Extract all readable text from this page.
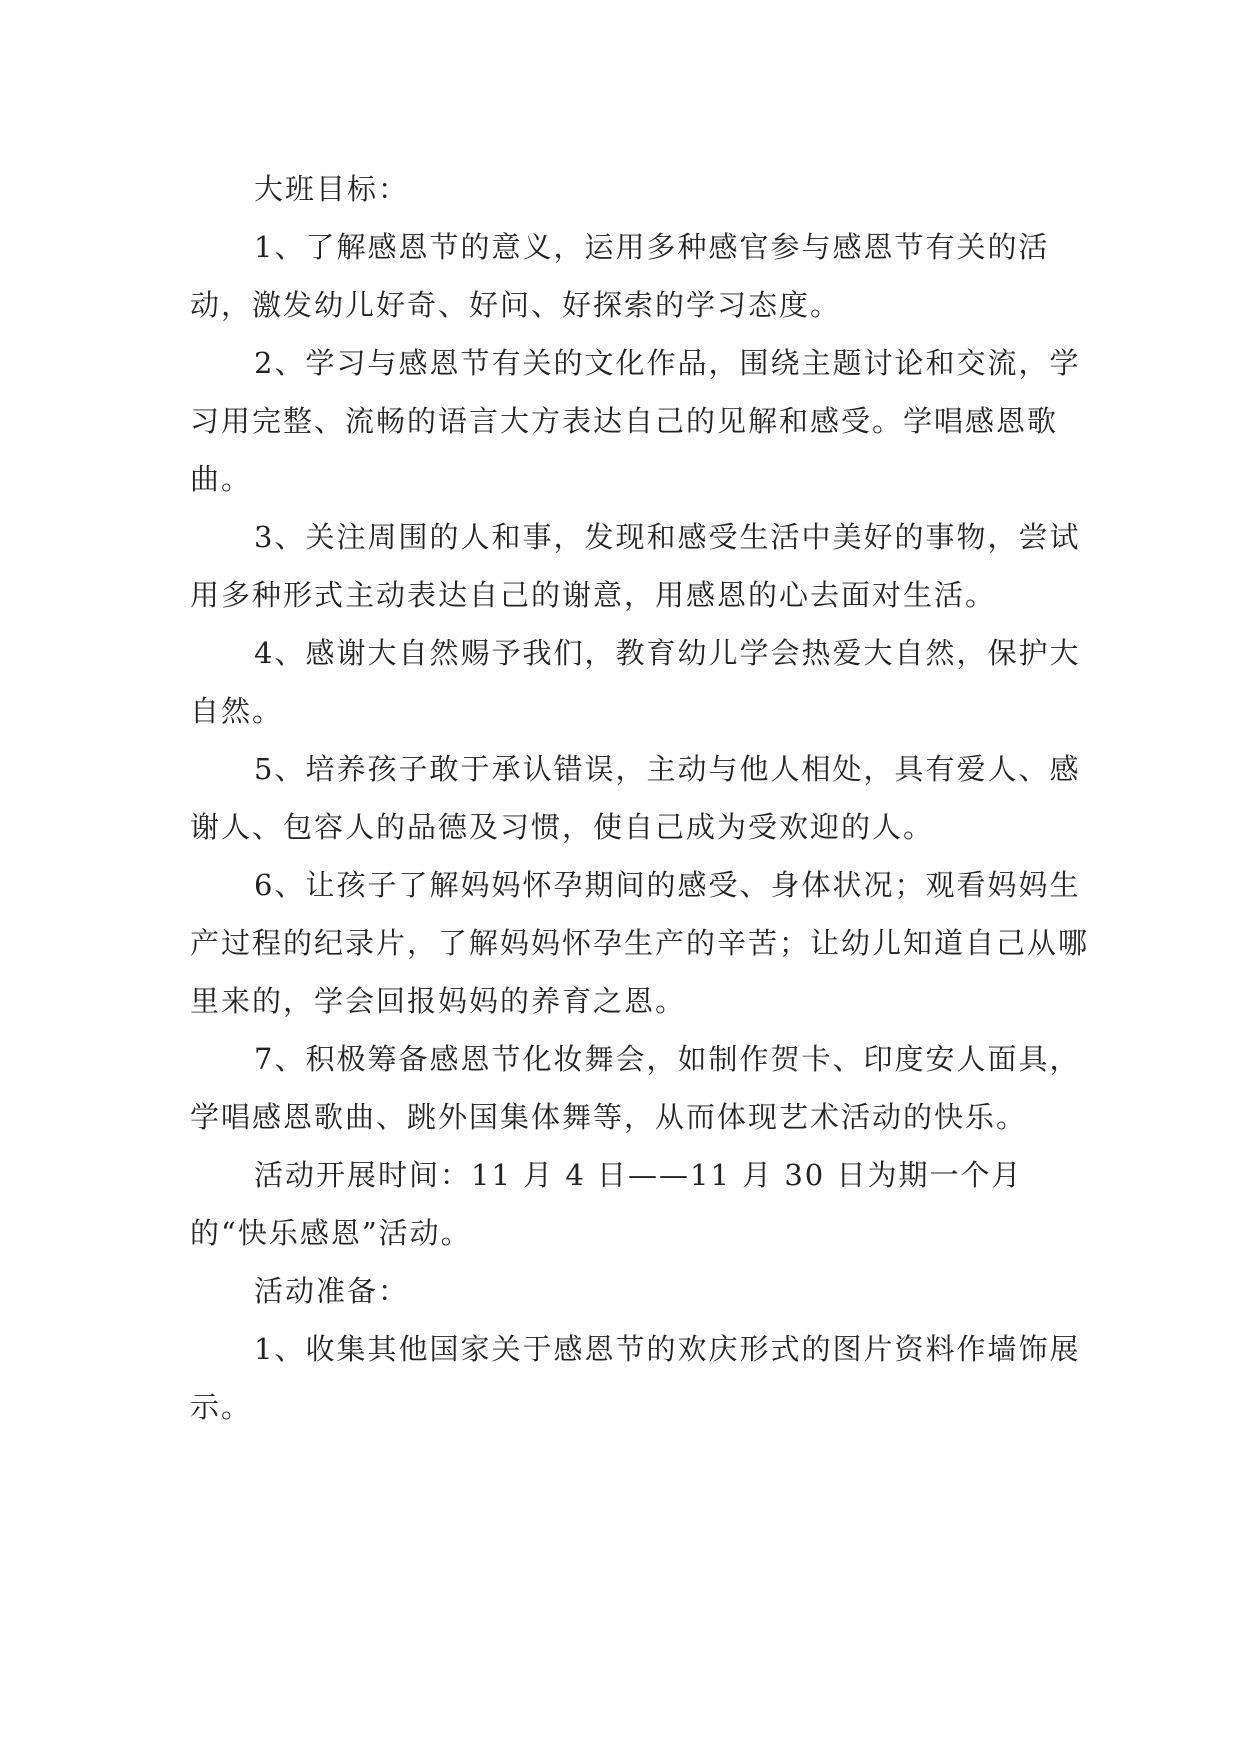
大班目标：

1、了解感恩节的意义，运用多种感官参与感恩节有关的活动，激发幼儿好奇、好问、好探索的学习态度。

2、学习与感恩节有关的文化作品，围绕主题讨论和交流，学习用完整、流畅的语言大方表达自己的见解和感受。学唱感恩歌曲。

3、关注周围的人和事，发现和感受生活中美好的事物，尝试用多种形式主动表达自己的谢意，用感恩的心去面对生活。

4、感谢大自然赐予我们，教育幼儿学会热爱大自然，保护大自然。

5、培养孩子敢于承认错误，主动与他人相处，具有爱人、感谢人、包容人的品德及习惯，使自己成为受欢迎的人。

6、让孩子了解妈妈怀孕期间的感受、身体状况；观看妈妈生产过程的纪录片，了解妈妈怀孕生产的辛苦；让幼儿知道自己从哪里来的，学会回报妈妈的养育之恩。

7、积极筹备感恩节化妆舞会，如制作贺卡、印度安人面具，学唱感恩歌曲、跳外国集体舞等，从而体现艺术活动的快乐。

活动开展时间：11 月 4 日——11 月 30 日为期一个月的“快乐感恩”活动。

活动准备：

1、收集其他国家关于感恩节的欢庆形式的图片资料作墙饰展示。
